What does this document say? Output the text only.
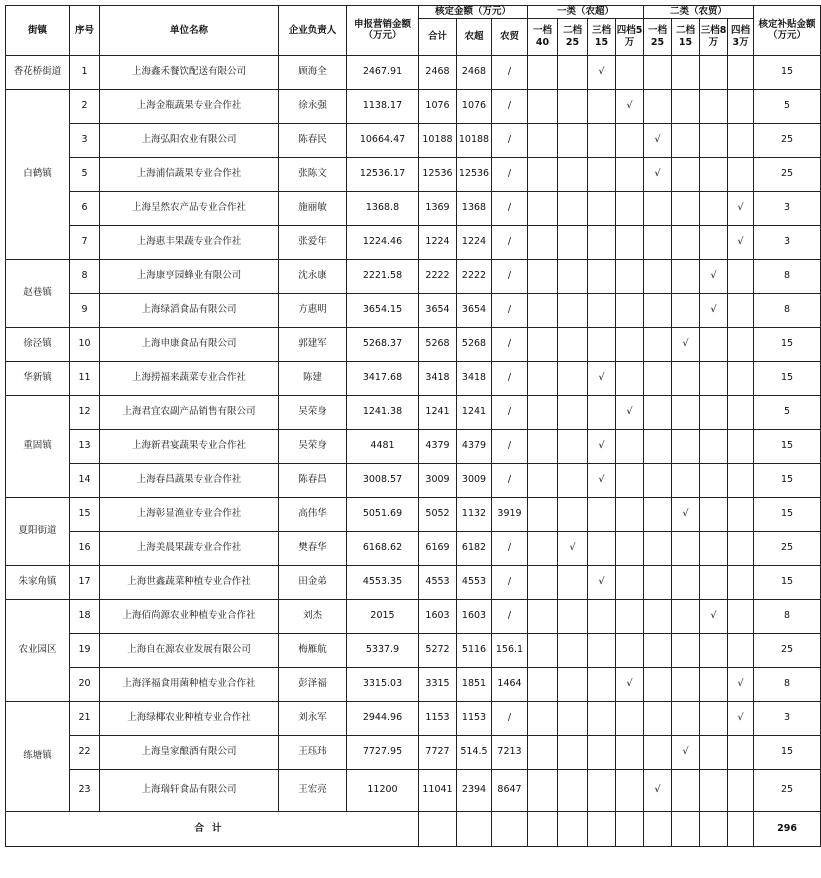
街镇	序号	单位名称	企业负责人	申报营销金额（万元）	核定金额（万元）			一类（农超）				二类（农贸）				核定补贴金额（万元）
					合计	农超	农贸	一档40	二档25	三档15	四档5万	一档25	二档15	三档8万	四档3万	
香花桥街道	1	上海鑫禾餐饮配送有限公司	顾海全	2467.91	2468	2468	/			√						15
白鹤镇	2	上海金瓶蔬果专业合作社	徐永强	1138.17	1076	1076	/				√					5
	3	上海弘阳农业有限公司	陈春民	10664.47	10188	10188	/					√				25
	5	上海浦信蔬果专业合作社	张陈文	12536.17	12536	12536	/					√				25
	6	上海呈然农产品专业合作社	施丽敏	1368.8	1369	1368	/								√	3
	7	上海惠丰果蔬专业合作社	张爱年	1224.46	1224	1224	/								√	3
赵巷镇	8	上海康亨园蜂业有限公司	沈永康	2221.58	2222	2222	/							√		8
	9	上海绿滔食品有限公司	方惠明	3654.15	3654	3654	/							√		8
徐泾镇	10	上海申康食品有限公司	郭建军	5268.37	5268	5268	/						√			15
华新镇	11	上海捞福来蔬菜专业合作社	陈建	3417.68	3418	3418	/			√						15
重固镇	12	上海君宜农副产品销售有限公司	吴荣身	1241.38	1241	1241	/				√					5
	13	上海新君宴蔬果专业合作社	吴荣身	4481	4379	4379	/			√						15
	14	上海春昌蔬果专业合作社	陈春昌	3008.57	3009	3009	/			√						15
夏阳街道	15	上海彰显渔业专业合作社	高伟华	5051.69	5052	1132	3919						√			15
	16	上海美晨果蔬专业合作社	樊春华	6168.62	6169	6182	/		√							25
朱家角镇	17	上海世鑫蔬菜种植专业合作社	田金弟	4553.35	4553	4553	/			√						15
农业园区	18	上海佰尚源农业种植专业合作社	刘杰	2015	1603	1603	/							√		8
	19	上海自在源农业发展有限公司	梅雁航	5337.9	5272	5116	156.1									25
	20	上海泽福食用菌种植专业合作社	彭泽福	3315.03	3315	1851	1464				√				√	8
练塘镇	21	上海绿椰农业种植专业合作社	刘永军	2944.96	1153	1153	/								√	3
	22	上海皇家酿酒有限公司	王珏玮	7727.95	7727	514.5	7213						√			15
	23	上海瑞轩食品有限公司	王宏亮	11200	11041	2394	8647					√				25
合计																296
